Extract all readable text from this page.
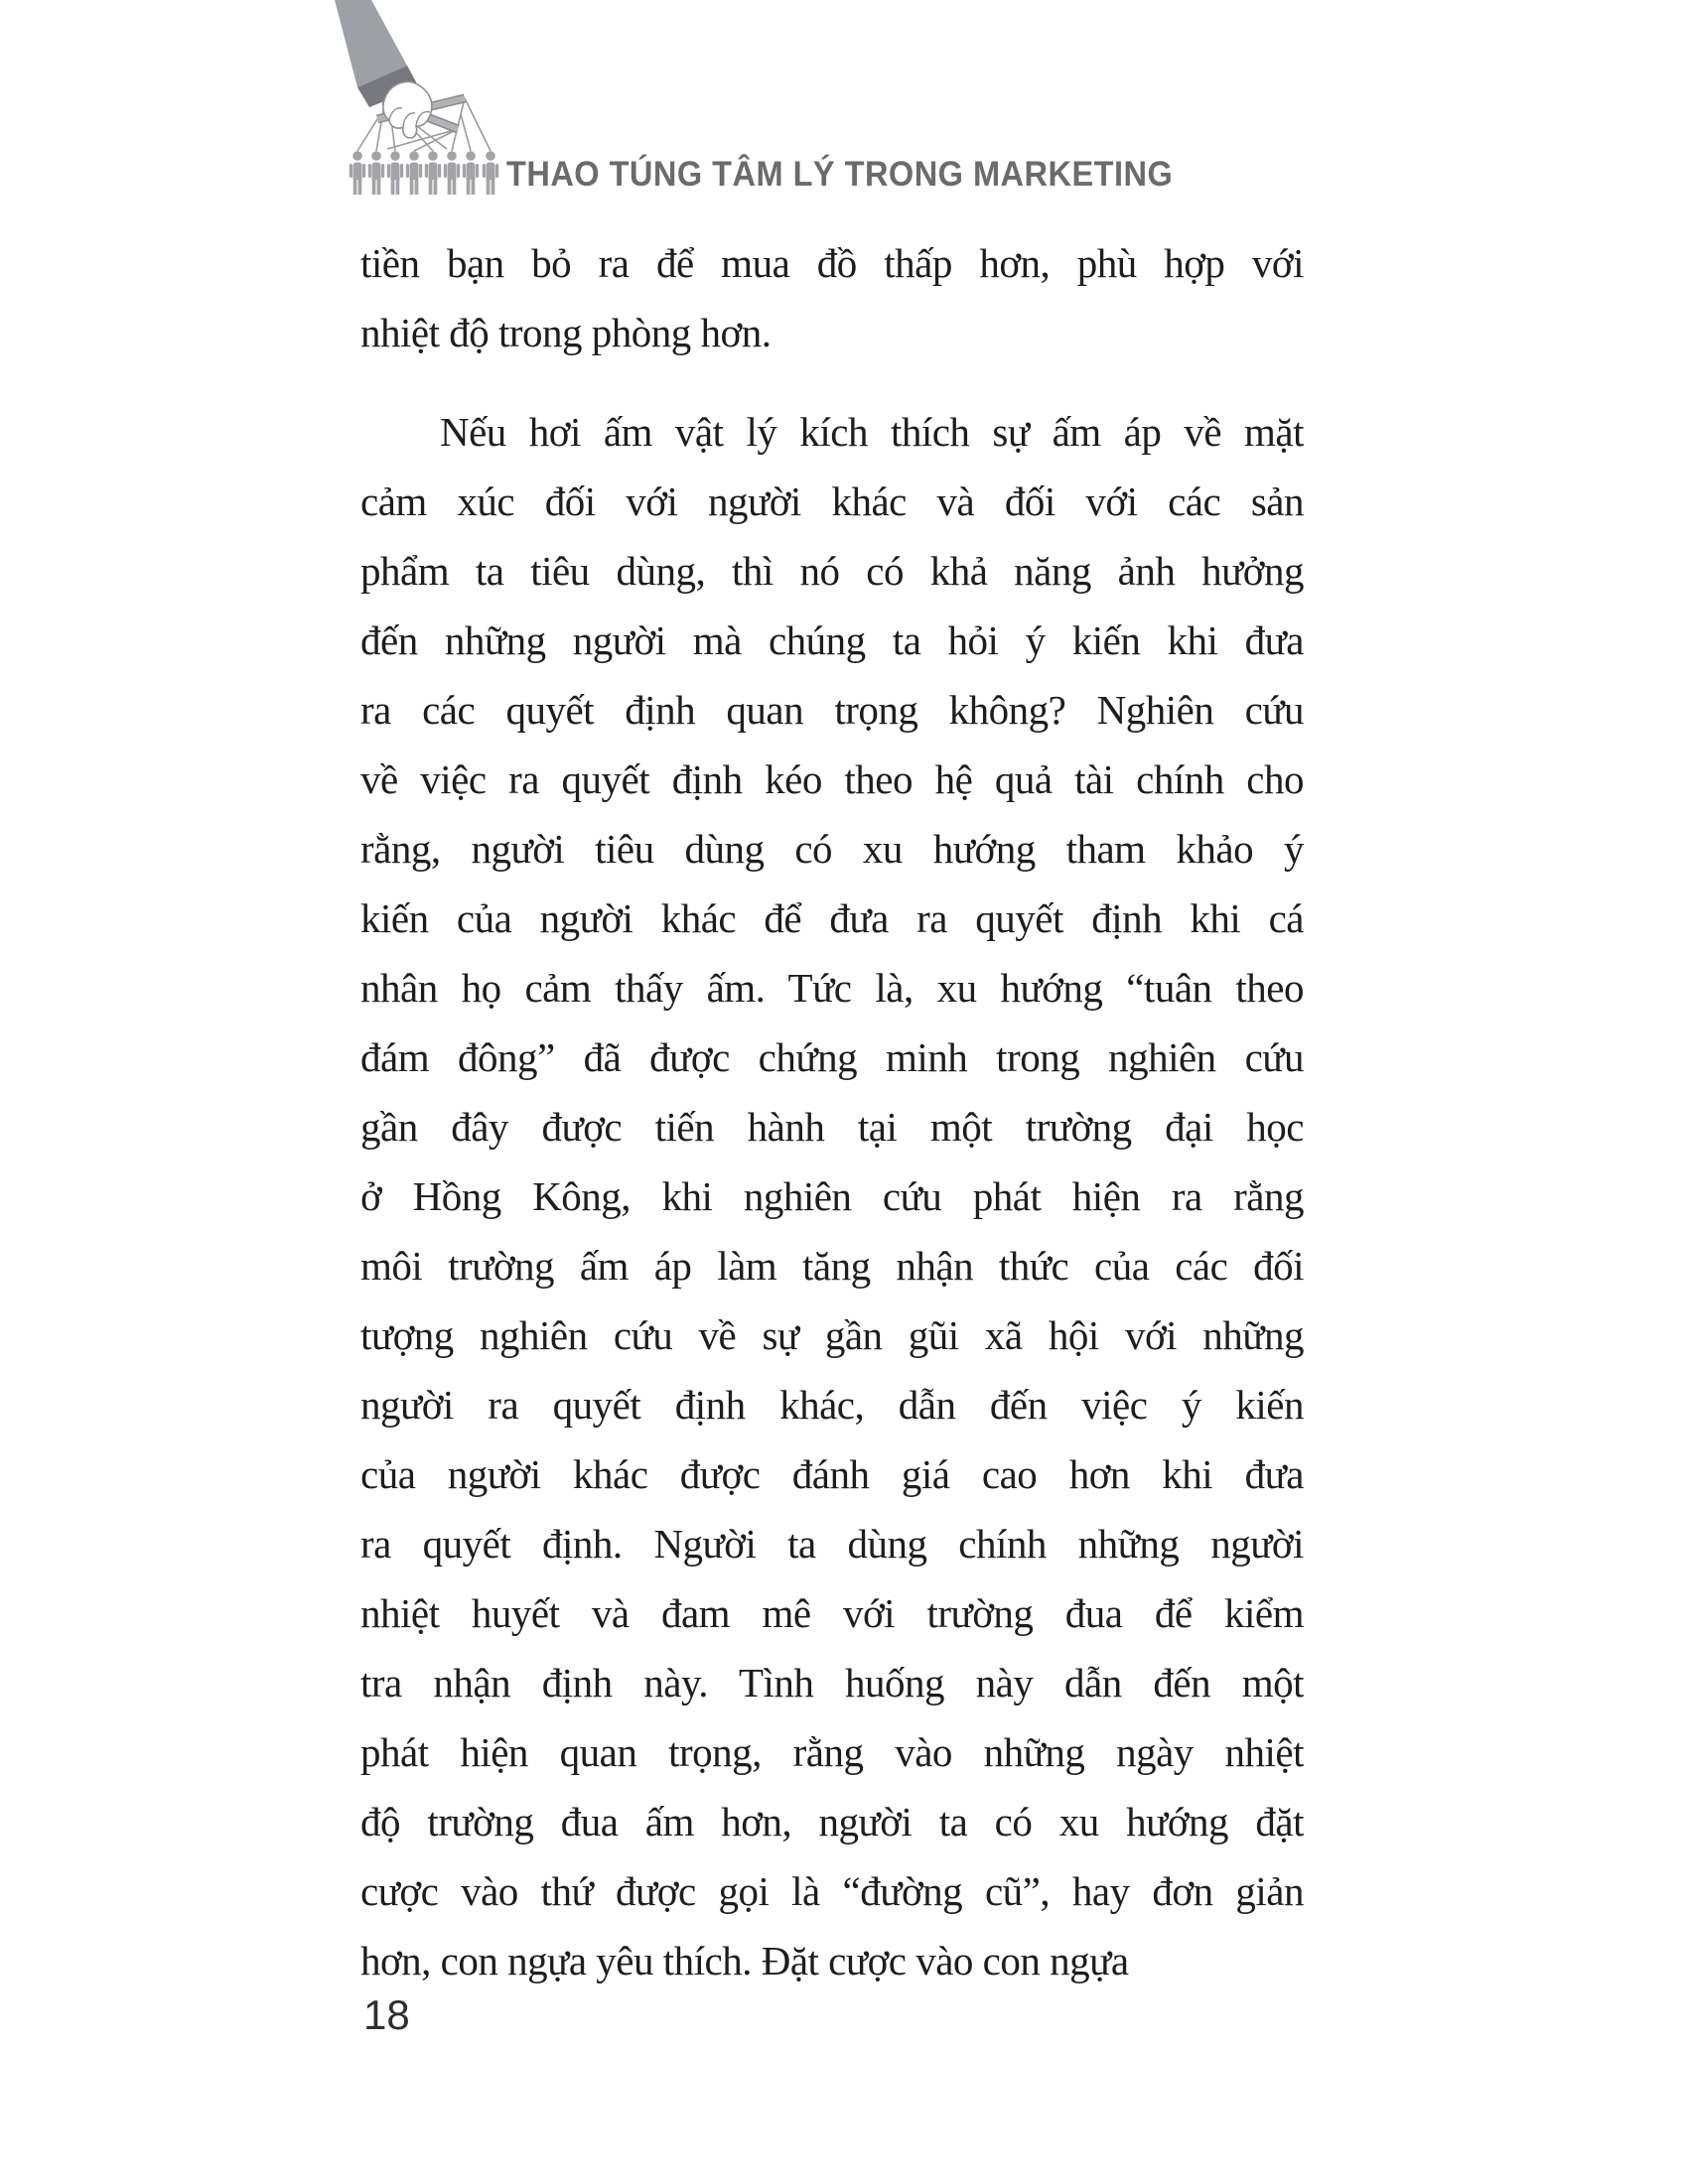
THAO TÚNG TÂM LÝ TRONG MARKETING
tiền bạn bỏ ra để mua đồ thấp hơn, phù hợp với
nhiệt độ trong phòng hơn.
Nếu hơi ấm vật lý kích thích sự ấm áp về mặt
cảm xúc đối với người khác và đối với các sản
phẩm ta tiêu dùng, thì nó có khả năng ảnh hưởng
đến những người mà chúng ta hỏi ý kiến khi đưa
ra các quyết định quan trọng không? Nghiên cứu
về việc ra quyết định kéo theo hệ quả tài chính cho
rằng, người tiêu dùng có xu hướng tham khảo ý
kiến của người khác để đưa ra quyết định khi cá
nhân họ cảm thấy ấm. Tức là, xu hướng “tuân theo
đám đông” đã được chứng minh trong nghiên cứu
gần đây được tiến hành tại một trường đại học
ở Hồng Kông, khi nghiên cứu phát hiện ra rằng
môi trường ấm áp làm tăng nhận thức của các đối
tượng nghiên cứu về sự gần gũi xã hội với những
người ra quyết định khác, dẫn đến việc ý kiến
của người khác được đánh giá cao hơn khi đưa
ra quyết định. Người ta dùng chính những người
nhiệt huyết và đam mê với trường đua để kiểm
tra nhận định này. Tình huống này dẫn đến một
phát hiện quan trọng, rằng vào những ngày nhiệt
độ trường đua ấm hơn, người ta có xu hướng đặt
cược vào thứ được gọi là “đường cũ”, hay đơn giản
hơn, con ngựa yêu thích. Đặt cược vào con ngựa
18
